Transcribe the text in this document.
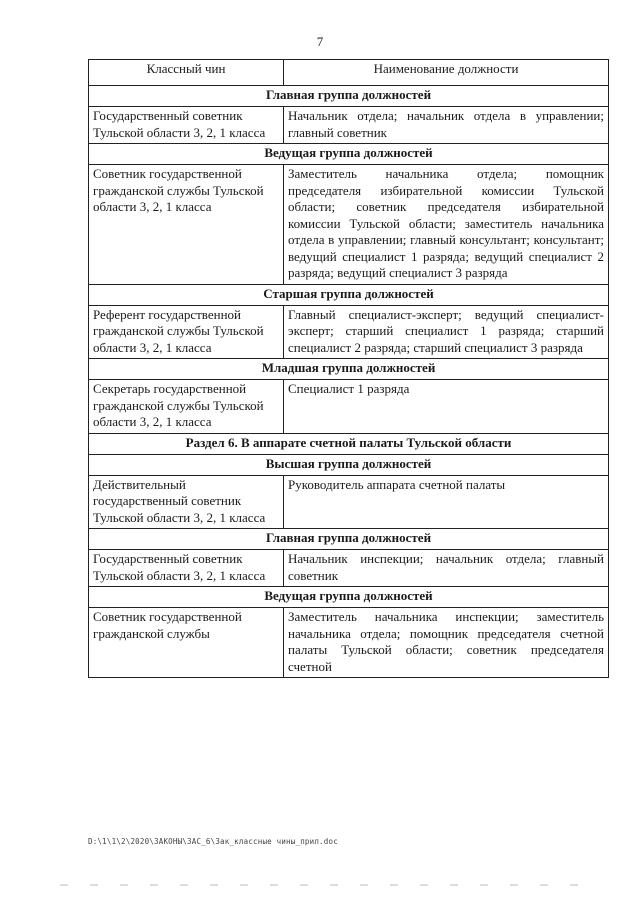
7
Классный чин	Наименование должности
Главная группа должностей	
Государственный советник Тульской области 3, 2, 1 класса	Начальник отдела; начальник отдела в управлении; главный советник
Ведущая группа должностей	
Советник государственной гражданской службы Тульской области 3, 2, 1 класса	Заместитель начальника отдела; помощник председателя избирательной комиссии Тульской области; советник председателя избирательной комиссии Тульской области; заместитель начальника отдела в управлении; главный консультант; консультант; ведущий специалист 1 разряда; ведущий специалист 2 разряда; ведущий специалист 3 разряда
Старшая группа должностей	
Референт государственной гражданской службы Тульской области 3, 2, 1 класса	Главный специалист-эксперт; ведущий специалист-эксперт; старший специалист 1 разряда; старший специалист 2 разряда; старший специалист 3 разряда
Младшая группа должностей	
Секретарь государственной гражданской службы Тульской области 3, 2, 1 класса	Специалист 1 разряда
Раздел 6. В аппарате счетной палаты Тульской области	
Высшая группа должностей	
Действительный государственный советник Тульской области 3, 2, 1 класса	Руководитель аппарата счетной палаты
Главная группа должностей	
Государственный советник Тульской области 3, 2, 1 класса	Начальник инспекции; начальник отдела; главный советник
Ведущая группа должностей	
Советник государственной гражданской службы	Заместитель начальника инспекции; заместитель начальника отдела; помощник председателя счетной палаты Тульской области; советник председателя счетной
D:\1\1\2\2020\ЗАКОНЫ\ЗАС_6\Зак_классные чины_прил.doc
